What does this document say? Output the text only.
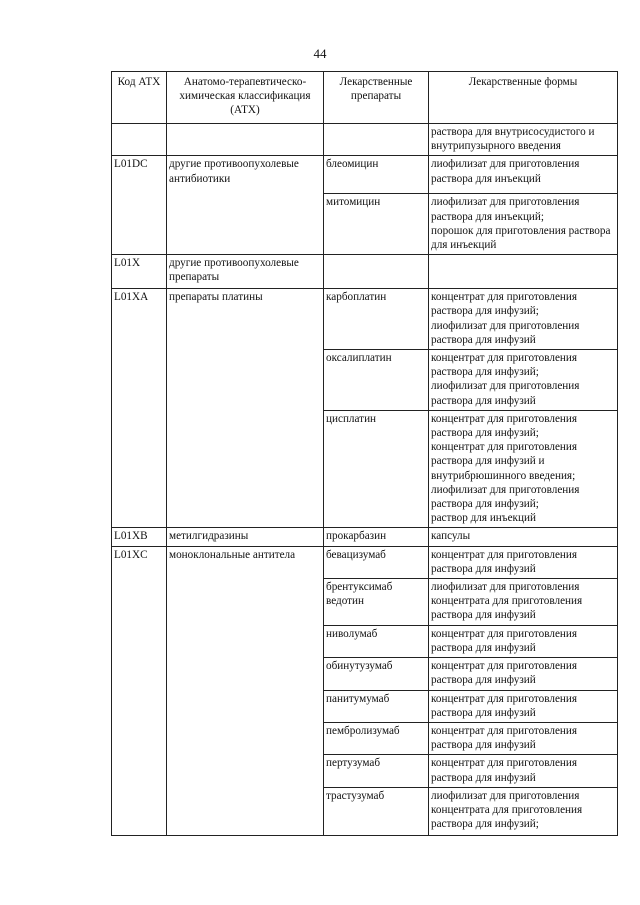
44
Код АТХ	Анатомо-терапевтическо-химическая классификация (АТХ)	Лекарственные препараты	Лекарственные формы
			раствора для внутрисосудистого и внутрипузырного введения
L01DC	другие противоопухолевые антибиотики	блеомицин	лиофилизат для приготовления раствора для инъекций
		митомицин	лиофилизат для приготовления раствора для инъекций;
порошок для приготовления раствора для инъекций
L01X	другие противоопухолевые препараты		
L01XA	препараты платины	карбоплатин	концентрат для приготовления раствора для инфузий;
лиофилизат для приготовления раствора для инфузий
		оксалиплатин	концентрат для приготовления раствора для инфузий;
лиофилизат для приготовления раствора для инфузий
		цисплатин	концентрат для приготовления раствора для инфузий;
концентрат для приготовления раствора для инфузий и внутрибрюшинного введения;
лиофилизат для приготовления раствора для инфузий;
раствор для инъекций
L01XB	метилгидразины	прокарбазин	капсулы
L01XC	моноклональные антитела	бевацизумаб	концентрат для приготовления раствора для инфузий
		брентуксимаб ведотин	лиофилизат для приготовления концентрата для приготовления раствора для инфузий
		ниволумаб	концентрат для приготовления раствора для инфузий
		обинутузумаб	концентрат для приготовления раствора для инфузий
		панитумумаб	концентрат для приготовления раствора для инфузий
		пембролизумаб	концентрат для приготовления раствора для инфузий
		пертузумаб	концентрат для приготовления раствора для инфузий
		трастузумаб	лиофилизат для приготовления концентрата для приготовления раствора для инфузий;
